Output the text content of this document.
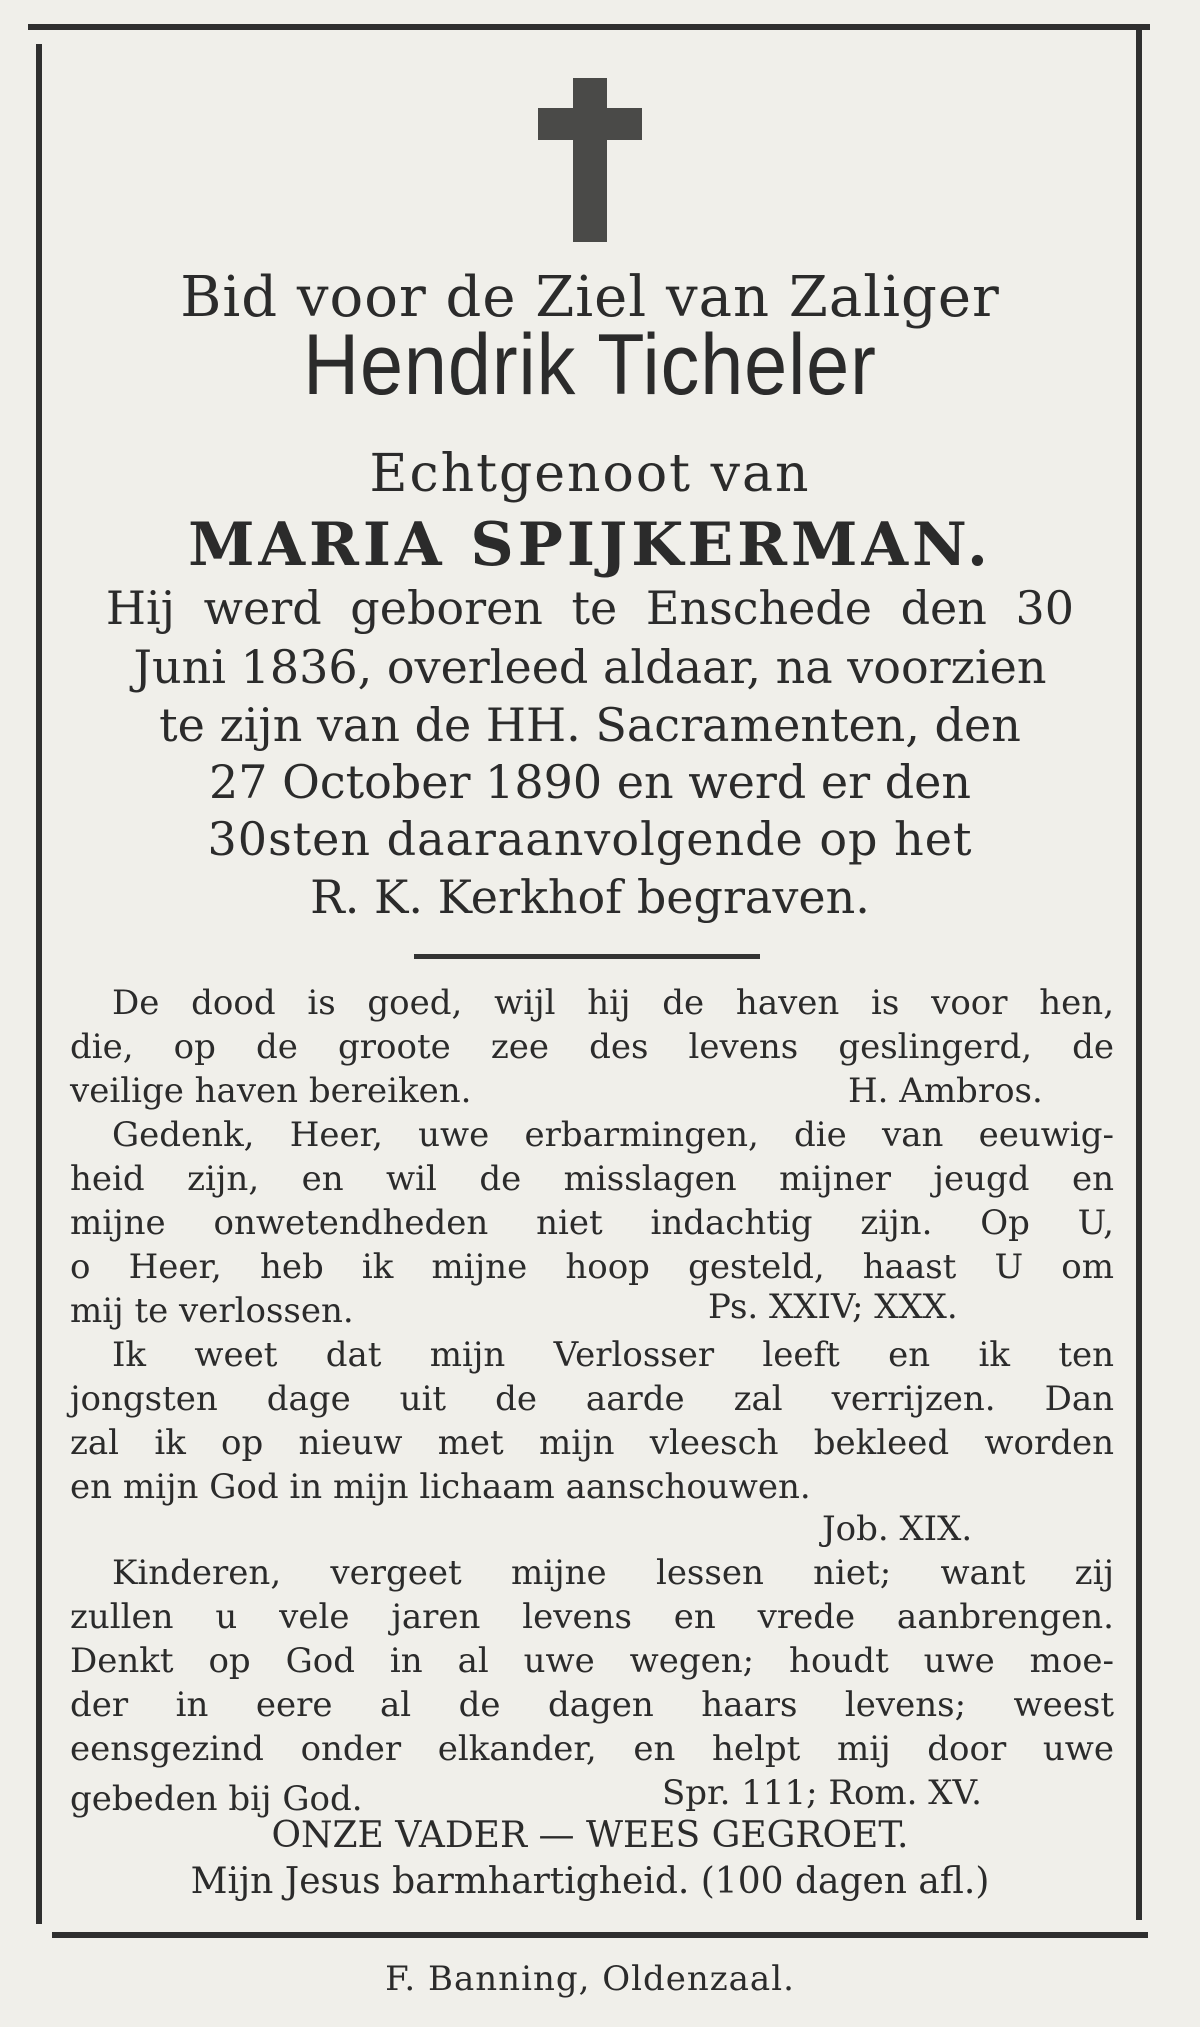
Bid voor de Ziel van Zaliger
Hendrik Ticheler
Echtgenoot van
MARIA SPIJKERMAN.
Hij werd geboren te Enschede den 30
Juni 1836, overleed aldaar, na voorzien
te zijn van de HH. Sacramenten, den
27 October 1890 en werd er den
30sten daaraanvolgende op het
R. K. Kerkhof begraven.
De dood is goed, wijl hij de haven is voor hen,
die, op de groote zee des levens geslingerd, de
veilige haven bereiken.	H. Ambros.
Gedenk, Heer, uwe erbarmingen, die van eeuwig-
heid zijn, en wil de misslagen mijner jeugd en
mijne onwetendheden niet indachtig zijn. Op U,
o Heer, heb ik mijne hoop gesteld, haast U om
mij te verlossen.	Ps. XXIV; XXX.
Ik weet dat mijn Verlosser leeft en ik ten
jongsten dage uit de aarde zal verrijzen. Dan
zal ik op nieuw met mijn vleesch bekleed worden
en mijn God in mijn lichaam aanschouwen.
Job. XIX.
Kinderen, vergeet mijne lessen niet; want zij
zullen u vele jaren levens en vrede aanbrengen.
Denkt op God in al uwe wegen; houdt uwe moe-
der in eere al de dagen haars levens; weest
eensgezind onder elkander, en helpt mij door uwe
gebeden bij God.	Spr. 111; Rom. XV.
ONZE VADER — WEES GEGROET.
Mijn Jesus barmhartigheid. (100 dagen afl.)
F. Banning, Oldenzaal.
